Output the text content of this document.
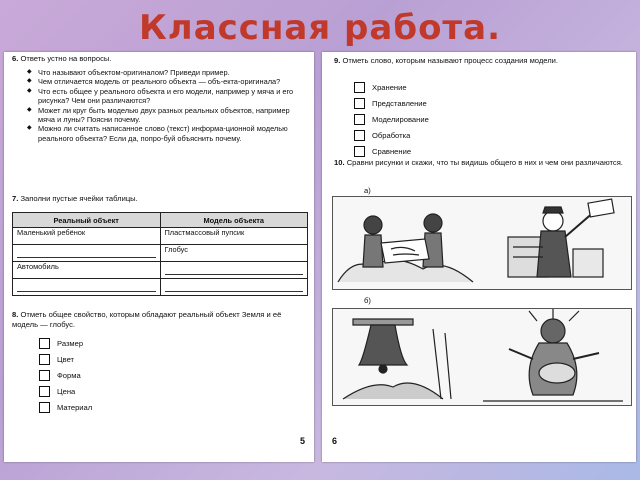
Классная работа.
6. Ответь устно на вопросы.
◆ Что называют объектом-оригиналом? Приведи пример.
◆ Чем отличается модель от реального объекта — объ-екта-оригинала?
◆ Что есть общее у реального объекта и его модели, например у мяча и его рисунка? Чем они различаются?
◆ Может ли круг быть моделью двух разных реальных объектов, например мяча и луны? Поясни почему.
◆ Можно ли считать написанное слово (текст) информа-ционной моделью реального объекта? Если да, попро-буй объяснить почему.
7. Заполни пустые ячейки таблицы.
Реальный объект	Модель объекта
Маленький ребёнок	Пластмассовый пупсик

	Глобус
Автомобиль	

8. Отметь общее свойство, которым обладают реальный объект Земля и её модель — глобус.
Размер
Цвет
Форма
Цена
Материал
5
9. Отметь слово, которым называют процесс создания модели.
Хранение
Представление
Моделирование
Обработка
Сравнение
10. Сравни рисунки и скажи, что ты видишь общего в них и чем они различаются.
а)
б)
6
